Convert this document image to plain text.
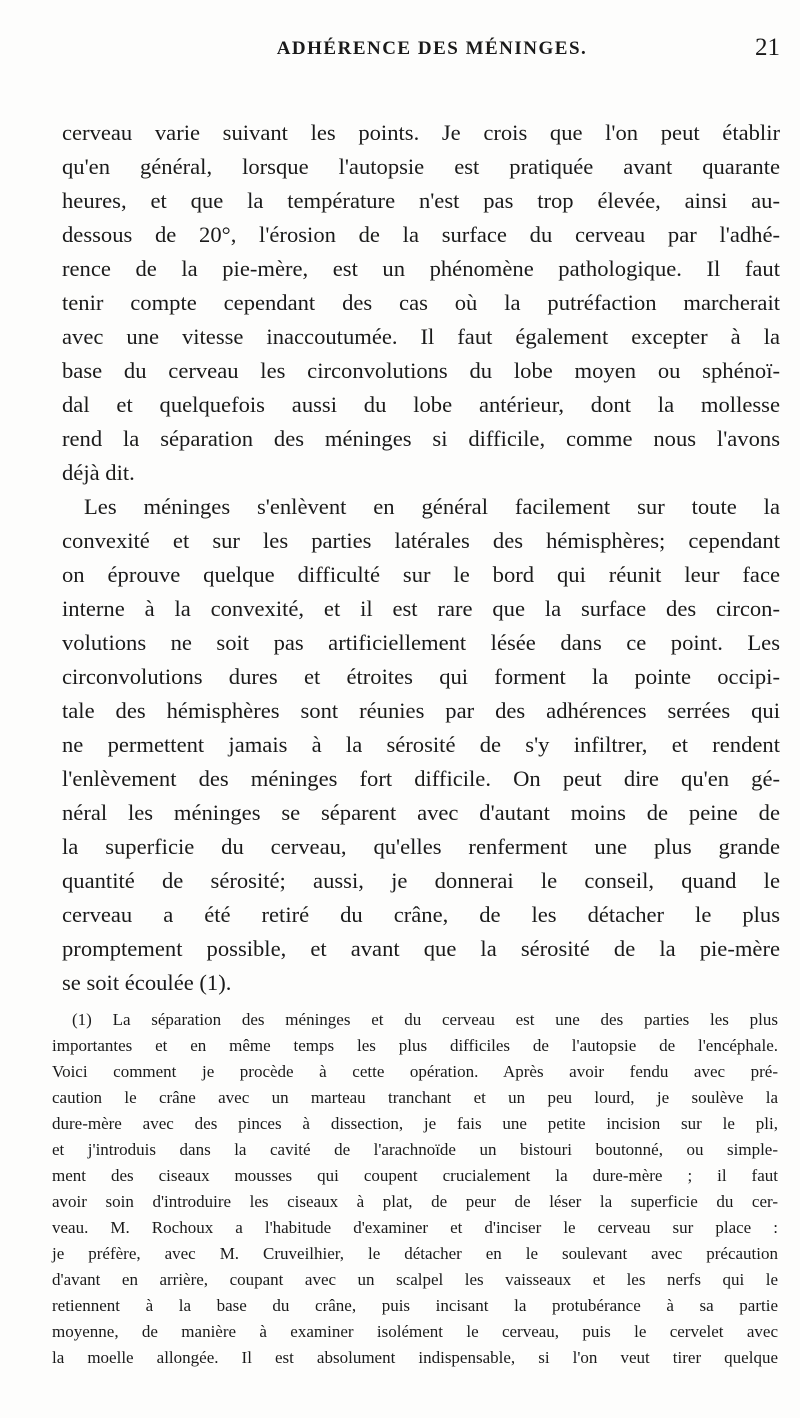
ADHÉRENCE DES MÉNINGES.	21
cerveau varie suivant les points. Je crois que l'on peut établir
qu'en général, lorsque l'autopsie est pratiquée avant quarante
heures, et que la température n'est pas trop élevée, ainsi au-
dessous de 20°, l'érosion de la surface du cerveau par l'adhé-
rence de la pie-mère, est un phénomène pathologique. Il faut
tenir compte cependant des cas où la putréfaction marcherait
avec une vitesse inaccoutumée. Il faut également excepter à la
base du cerveau les circonvolutions du lobe moyen ou sphénoï-
dal et quelquefois aussi du lobe antérieur, dont la mollesse
rend la séparation des méninges si difficile, comme nous l'avons
déjà dit.
Les méninges s'enlèvent en général facilement sur toute la
convexité et sur les parties latérales des hémisphères; cependant
on éprouve quelque difficulté sur le bord qui réunit leur face
interne à la convexité, et il est rare que la surface des circon-
volutions ne soit pas artificiellement lésée dans ce point. Les
circonvolutions dures et étroites qui forment la pointe occipi-
tale des hémisphères sont réunies par des adhérences serrées qui
ne permettent jamais à la sérosité de s'y infiltrer, et rendent
l'enlèvement des méninges fort difficile. On peut dire qu'en gé-
néral les méninges se séparent avec d'autant moins de peine de
la superficie du cerveau, qu'elles renferment une plus grande
quantité de sérosité; aussi, je donnerai le conseil, quand le
cerveau a été retiré du crâne, de les détacher le plus
promptement possible, et avant que la sérosité de la pie-mère
se soit écoulée (1).
(1) La séparation des méninges et du cerveau est une des parties les plus
importantes et en même temps les plus difficiles de l'autopsie de l'encéphale.
Voici comment je procède à cette opération. Après avoir fendu avec pré-
caution le crâne avec un marteau tranchant et un peu lourd, je soulève la
dure-mère avec des pinces à dissection, je fais une petite incision sur le pli,
et j'introduis dans la cavité de l'arachnoïde un bistouri boutonné, ou simple-
ment des ciseaux mousses qui coupent crucialement la dure-mère ; il faut
avoir soin d'introduire les ciseaux à plat, de peur de léser la superficie du cer-
veau. M. Rochoux a l'habitude d'examiner et d'inciser le cerveau sur place :
je préfère, avec M. Cruveilhier, le détacher en le soulevant avec précaution
d'avant en arrière, coupant avec un scalpel les vaisseaux et les nerfs qui le
retiennent à la base du crâne, puis incisant la protubérance à sa partie
moyenne, de manière à examiner isolément le cerveau, puis le cervelet avec
la moelle allongée. Il est absolument indispensable, si l'on veut tirer quelque
